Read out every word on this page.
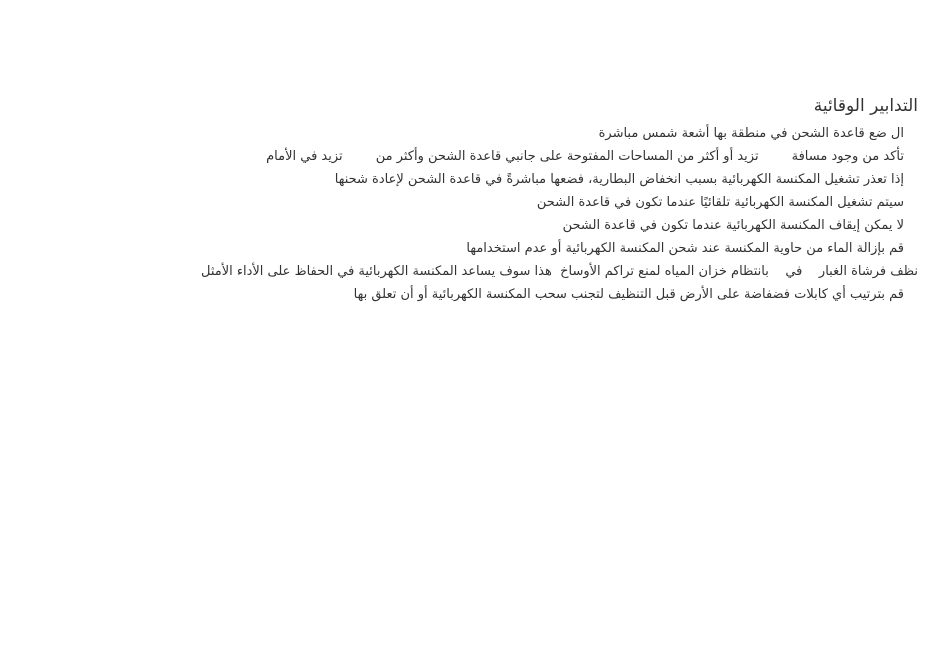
التدابير الوقائية
ال ضع قاعدة الشحن في منطقة بها أشعة شمس مباشرة
تأكد من وجود مسافة        تزيد أو أكثر من المساحات المفتوحة على جانبي قاعدة الشحن وأكثر من        تزيد في الأمام
إذا تعذر تشغيل المكنسة الكهربائية بسبب انخفاض البطارية، فضعها مباشرةً في قاعدة الشحن لإعادة شحنها
سيتم تشغيل المكنسة الكهربائية تلقائيًا عندما تكون في قاعدة الشحن
لا يمكن إيقاف المكنسة الكهربائية عندما تكون في قاعدة الشحن
قم بإزالة الماء من حاوية المكنسة عند شحن المكنسة الكهربائية أو عدم استخدامها
نظف فرشاة الغبار    في    بانتظام خزان المياه لمنع تراكم الأوساخ  هذا سوف يساعد المكنسة الكهربائية في الحفاظ على الأداء الأمثل
قم بترتيب أي كابلات فضفاضة على الأرض قبل التنظيف لتجنب سحب المكنسة الكهربائية أو أن تعلق بها
